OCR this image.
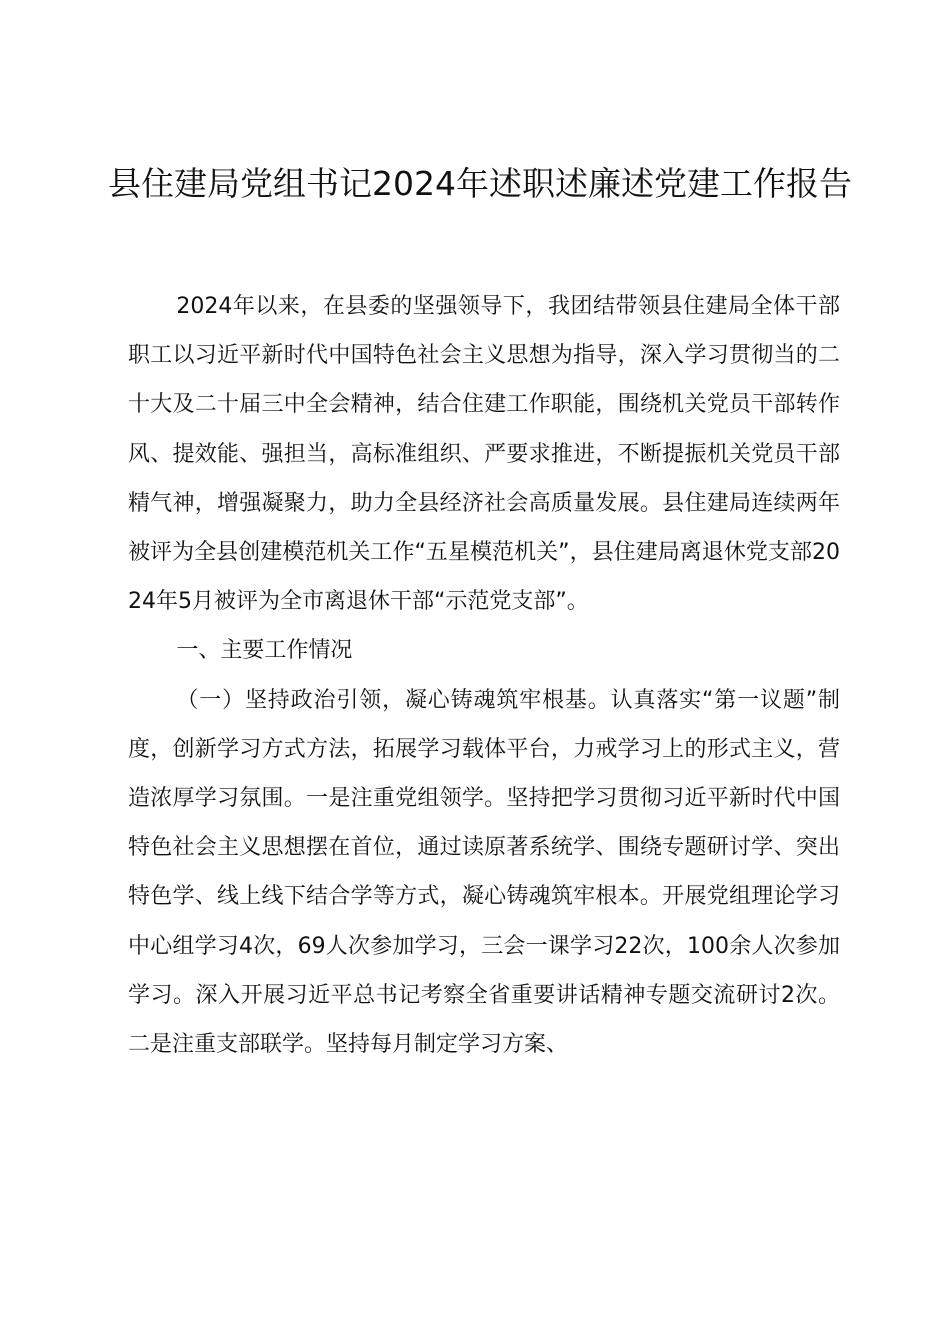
县住建局党组书记2024年述职述廉述党建工作报告

2024年以来，在县委的坚强领导下，我团结带领县住建局全体干部职工以习近平新时代中国特色社会主义思想为指导，深入学习贯彻当的二十大及二十届三中全会精神，结合住建工作职能，围绕机关党员干部转作风、提效能、强担当，高标准组织、严要求推进，不断提振机关党员干部精气神，增强凝聚力，助力全县经济社会高质量发展。县住建局连续两年被评为全县创建模范机关工作“五星模范机关”，县住建局离退休党支部2024年5月被评为全市离退休干部“示范党支部”。

一、主要工作情况

（一）坚持政治引领，凝心铸魂筑牢根基。认真落实“第一议题”制度，创新学习方式方法，拓展学习载体平台，力戒学习上的形式主义，营造浓厚学习氛围。一是注重党组领学。坚持把学习贯彻习近平新时代中国特色社会主义思想摆在首位，通过读原著系统学、围绕专题研讨学、突出特色学、线上线下结合学等方式，凝心铸魂筑牢根本。开展党组理论学习中心组学习4次，69人次参加学习，三会一课学习22次，100余人次参加学习。深入开展习近平总书记考察全省重要讲话精神专题交流研讨2次。二是注重支部联学。坚持每月制定学习方案、
